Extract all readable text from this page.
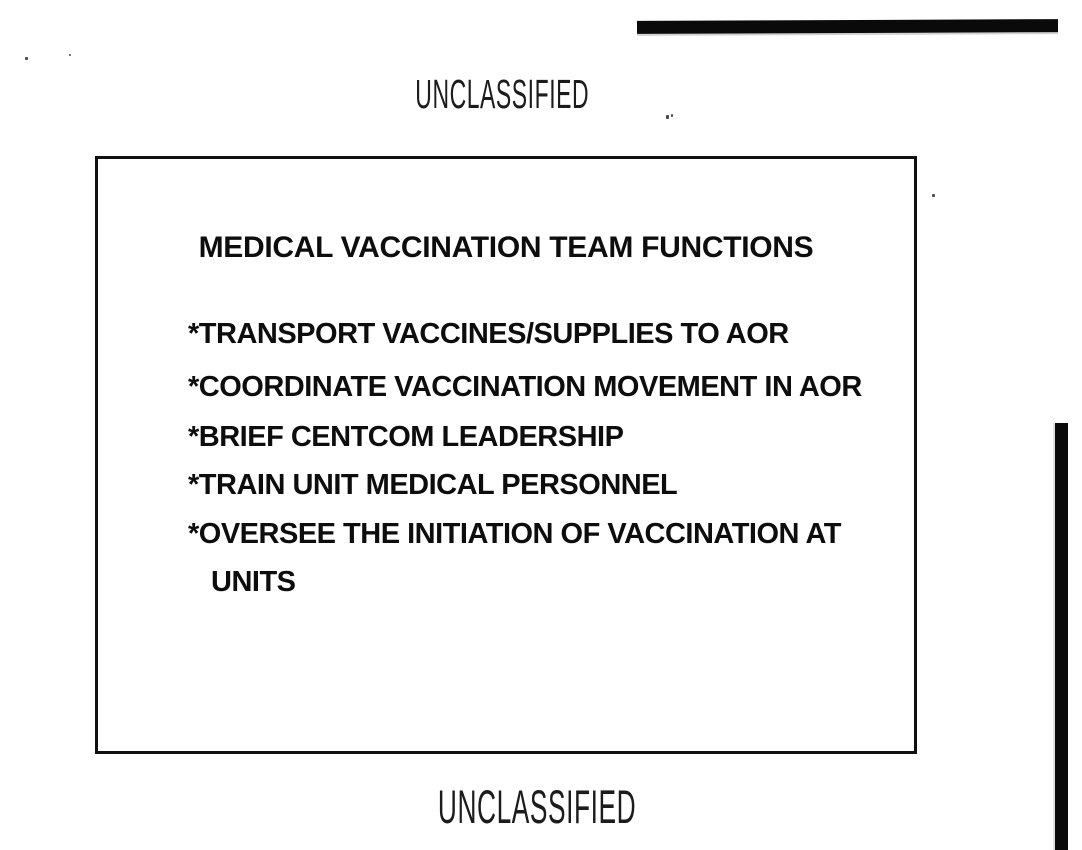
UNCLASSIFIED
MEDICAL VACCINATION TEAM FUNCTIONS
*TRANSPORT VACCINES/SUPPLIES TO AOR
*COORDINATE VACCINATION MOVEMENT IN AOR
*BRIEF CENTCOM LEADERSHIP
*TRAIN UNIT MEDICAL PERSONNEL
*OVERSEE THE INITIATION OF VACCINATION AT
UNITS
UNCLASSIFIED
